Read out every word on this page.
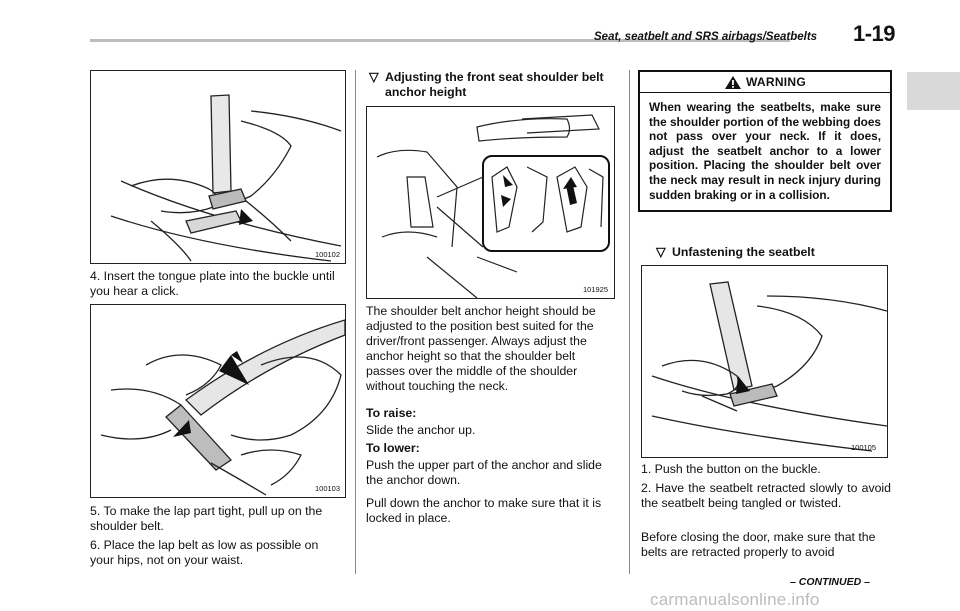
Seat, seatbelt and SRS airbags/Seatbelts 1-19
100102
4. Insert the tongue plate into the buckle until you hear a click.
100103
5. To make the lap part tight, pull up on the shoulder belt.
6. Place the lap belt as low as possible on your hips, not on your waist.
▽ Adjusting the front seat shoulder belt anchor height
101925
The shoulder belt anchor height should be adjusted to the position best suited for the driver/front passenger. Always adjust the anchor height so that the shoulder belt passes over the middle of the shoulder without touching the neck.
To raise:
Slide the anchor up.
To lower:
Push the upper part of the anchor and slide the anchor down.
Pull down the anchor to make sure that it is locked in place.
WARNING
When wearing the seatbelts, make sure the shoulder portion of the webbing does not pass over your neck. If it does, adjust the seatbelt anchor to a lower position. Placing the shoulder belt over the neck may result in neck injury during sudden braking or in a collision.
▽ Unfastening the seatbelt
100105
1. Push the button on the buckle.
2. Have the seatbelt retracted slowly to avoid the seatbelt being tangled or twisted.
Before closing the door, make sure that the belts are retracted properly to avoid
– CONTINUED –
carmanualsonline.info
